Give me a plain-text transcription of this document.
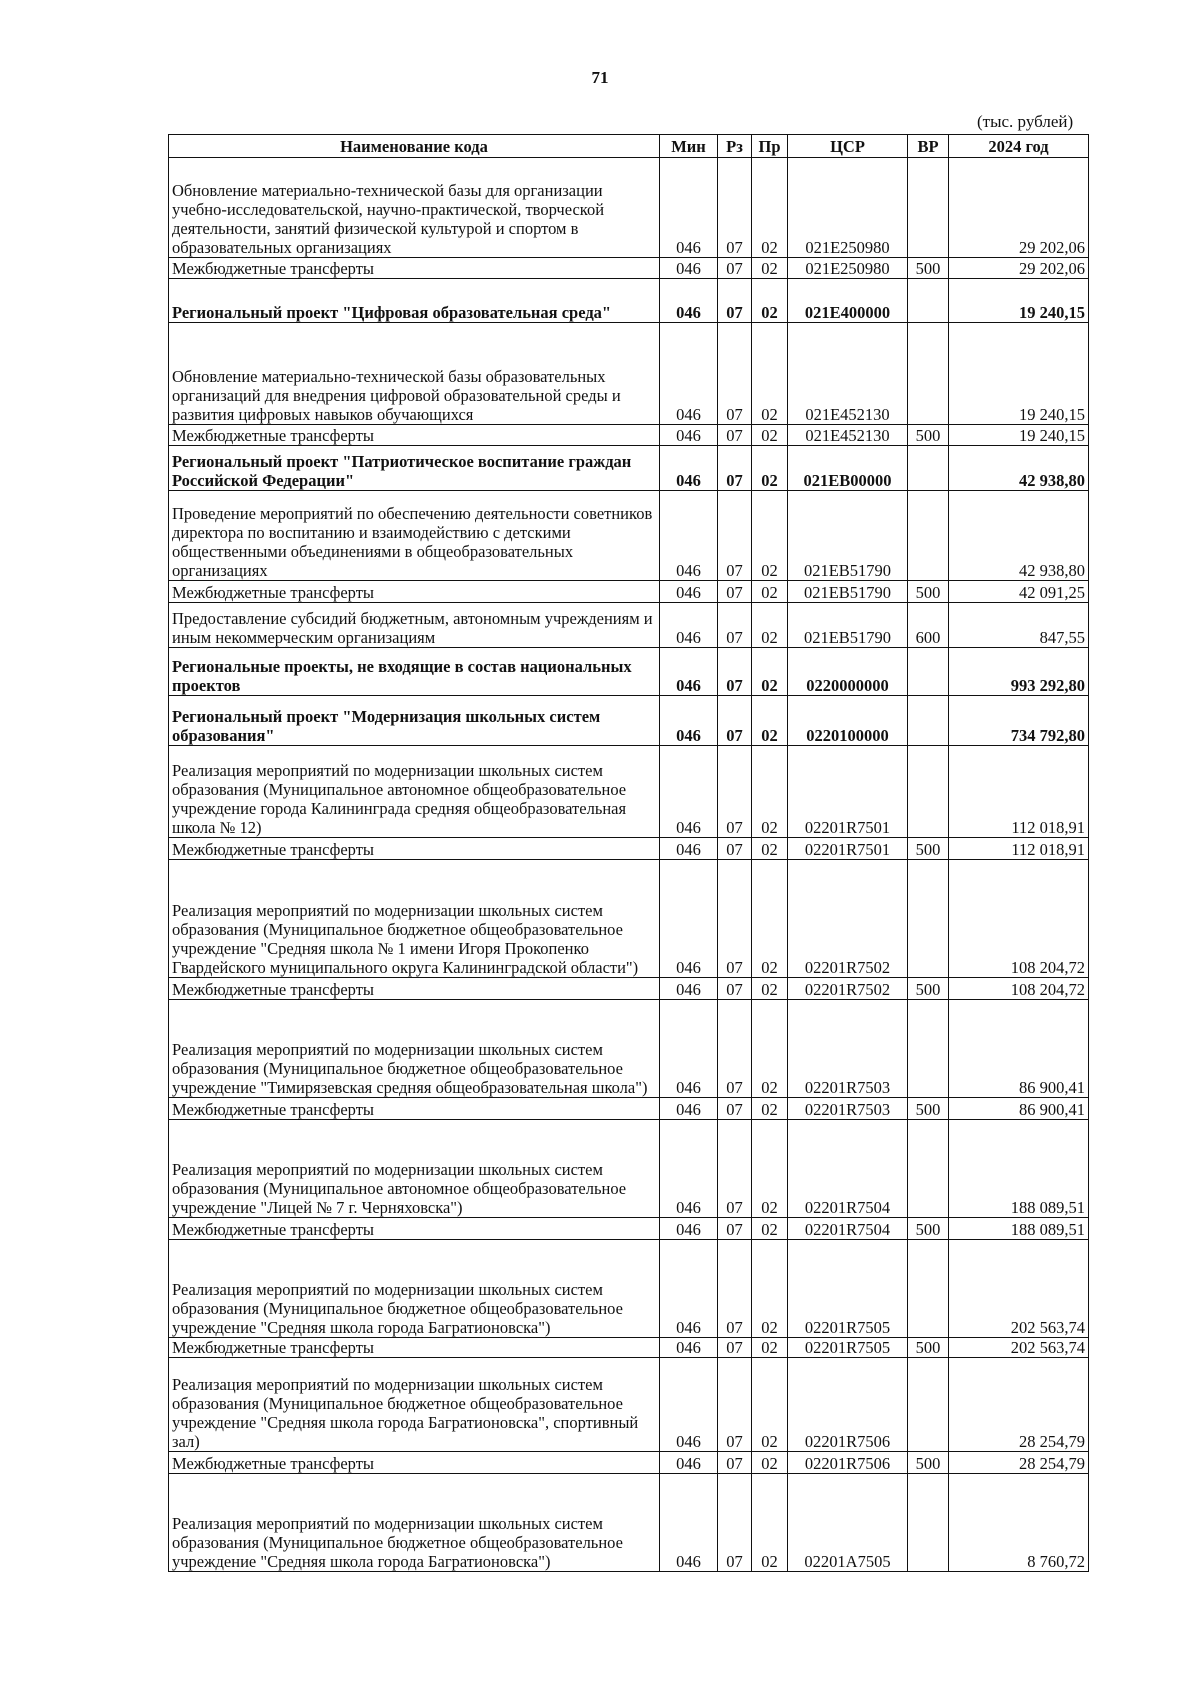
71
(тыс. рублей)
Наименование кода	Мин	Рз	Пр	ЦСР	ВР	2024 год
Обновление материально-технической базы для организации учебно-исследовательской, научно-практической, творческой деятельности, занятий физической культурой и спортом в образовательных организациях	046	07	02	021E250980		29 202,06
Межбюджетные трансферты	046	07	02	021E250980	500	29 202,06
Региональный проект "Цифровая образовательная среда"	046	07	02	021E400000		19 240,15
Обновление материально-технической базы образовательных организаций для внедрения цифровой образовательной среды и развития цифровых навыков обучающихся	046	07	02	021E452130		19 240,15
Межбюджетные трансферты	046	07	02	021E452130	500	19 240,15
Региональный проект "Патриотическое воспитание граждан Российской Федерации"	046	07	02	021EB00000		42 938,80
Проведение мероприятий по обеспечению деятельности советников директора по воспитанию и взаимодействию с детскими общественными объединениями в общеобразовательных организациях	046	07	02	021EB51790		42 938,80
Межбюджетные трансферты	046	07	02	021EB51790	500	42 091,25
Предоставление субсидий бюджетным, автономным учреждениям и иным некоммерческим организациям	046	07	02	021EB51790	600	847,55
Региональные проекты, не входящие в состав национальных проектов	046	07	02	0220000000		993 292,80
Региональный проект "Модернизация школьных систем образования"	046	07	02	0220100000		734 792,80
Реализация мероприятий по модернизации школьных систем образования (Муниципальное автономное общеобразовательное учреждение города Калининграда средняя общеобразовательная школа № 12)	046	07	02	02201R7501		112 018,91
Межбюджетные трансферты	046	07	02	02201R7501	500	112 018,91
Реализация мероприятий по модернизации школьных систем образования (Муниципальное бюджетное общеобразовательное учреждение "Средняя школа № 1 имени Игоря Прокопенко Гвардейского муниципального округа Калининградской области")	046	07	02	02201R7502		108 204,72
Межбюджетные трансферты	046	07	02	02201R7502	500	108 204,72
Реализация мероприятий по модернизации школьных систем образования (Муниципальное бюджетное общеобразовательное учреждение "Тимирязевская средняя общеобразовательная школа")	046	07	02	02201R7503		86 900,41
Межбюджетные трансферты	046	07	02	02201R7503	500	86 900,41
Реализация мероприятий по модернизации школьных систем образования (Муниципальное автономное общеобразовательное учреждение "Лицей № 7 г. Черняховска")	046	07	02	02201R7504		188 089,51
Межбюджетные трансферты	046	07	02	02201R7504	500	188 089,51
Реализация мероприятий по модернизации школьных систем образования (Муниципальное бюджетное общеобразовательное учреждение "Средняя школа города Багратионовска")	046	07	02	02201R7505		202 563,74
Межбюджетные трансферты	046	07	02	02201R7505	500	202 563,74
Реализация мероприятий по модернизации школьных систем образования (Муниципальное бюджетное общеобразовательное учреждение "Средняя школа города Багратионовска", спортивный зал)	046	07	02	02201R7506		28 254,79
Межбюджетные трансферты	046	07	02	02201R7506	500	28 254,79
Реализация мероприятий по модернизации школьных систем образования (Муниципальное бюджетное общеобразовательное учреждение "Средняя школа города Багратионовска")	046	07	02	02201A7505		8 760,72
